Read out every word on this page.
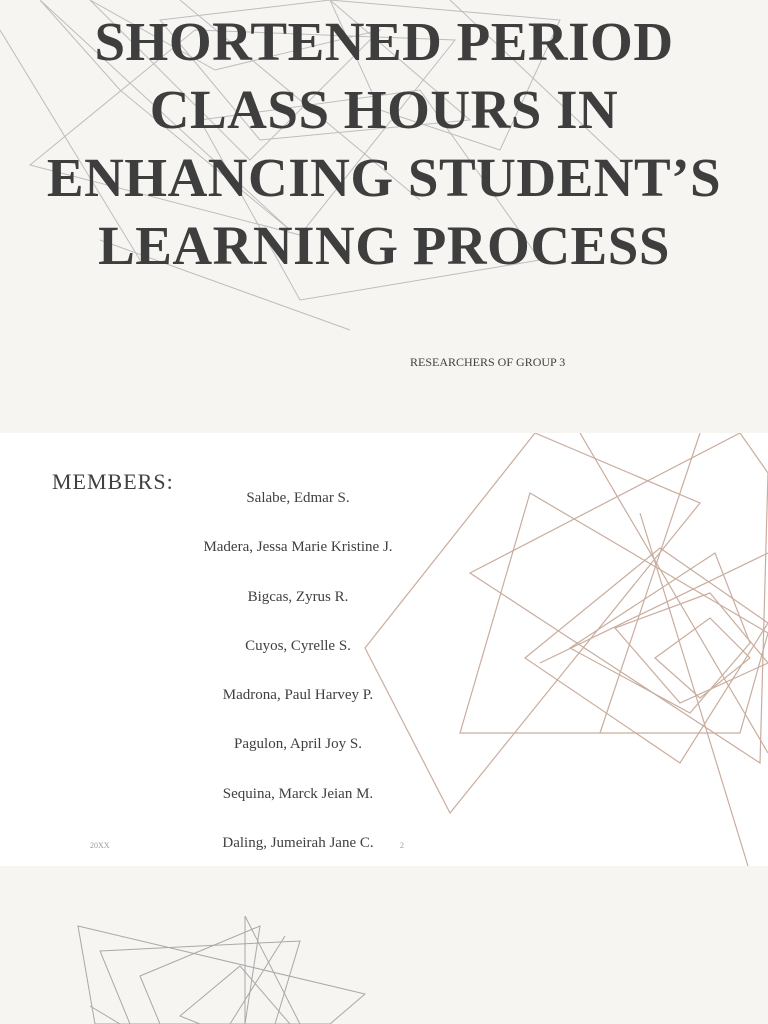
SHORTENED PERIOD CLASS HOURS IN ENHANCING STUDENT’S LEARNING PROCESS
RESEARCHERS OF GROUP 3
MEMBERS:
Salabe, Edmar S.
Madera, Jessa Marie Kristine J.
Bigcas, Zyrus R.
Cuyos, Cyrelle S.
Madrona, Paul Harvey P.
Pagulon, April Joy S.
Sequina, Marck Jeian M.
Daling, Jumeirah Jane C.
20XX	2
